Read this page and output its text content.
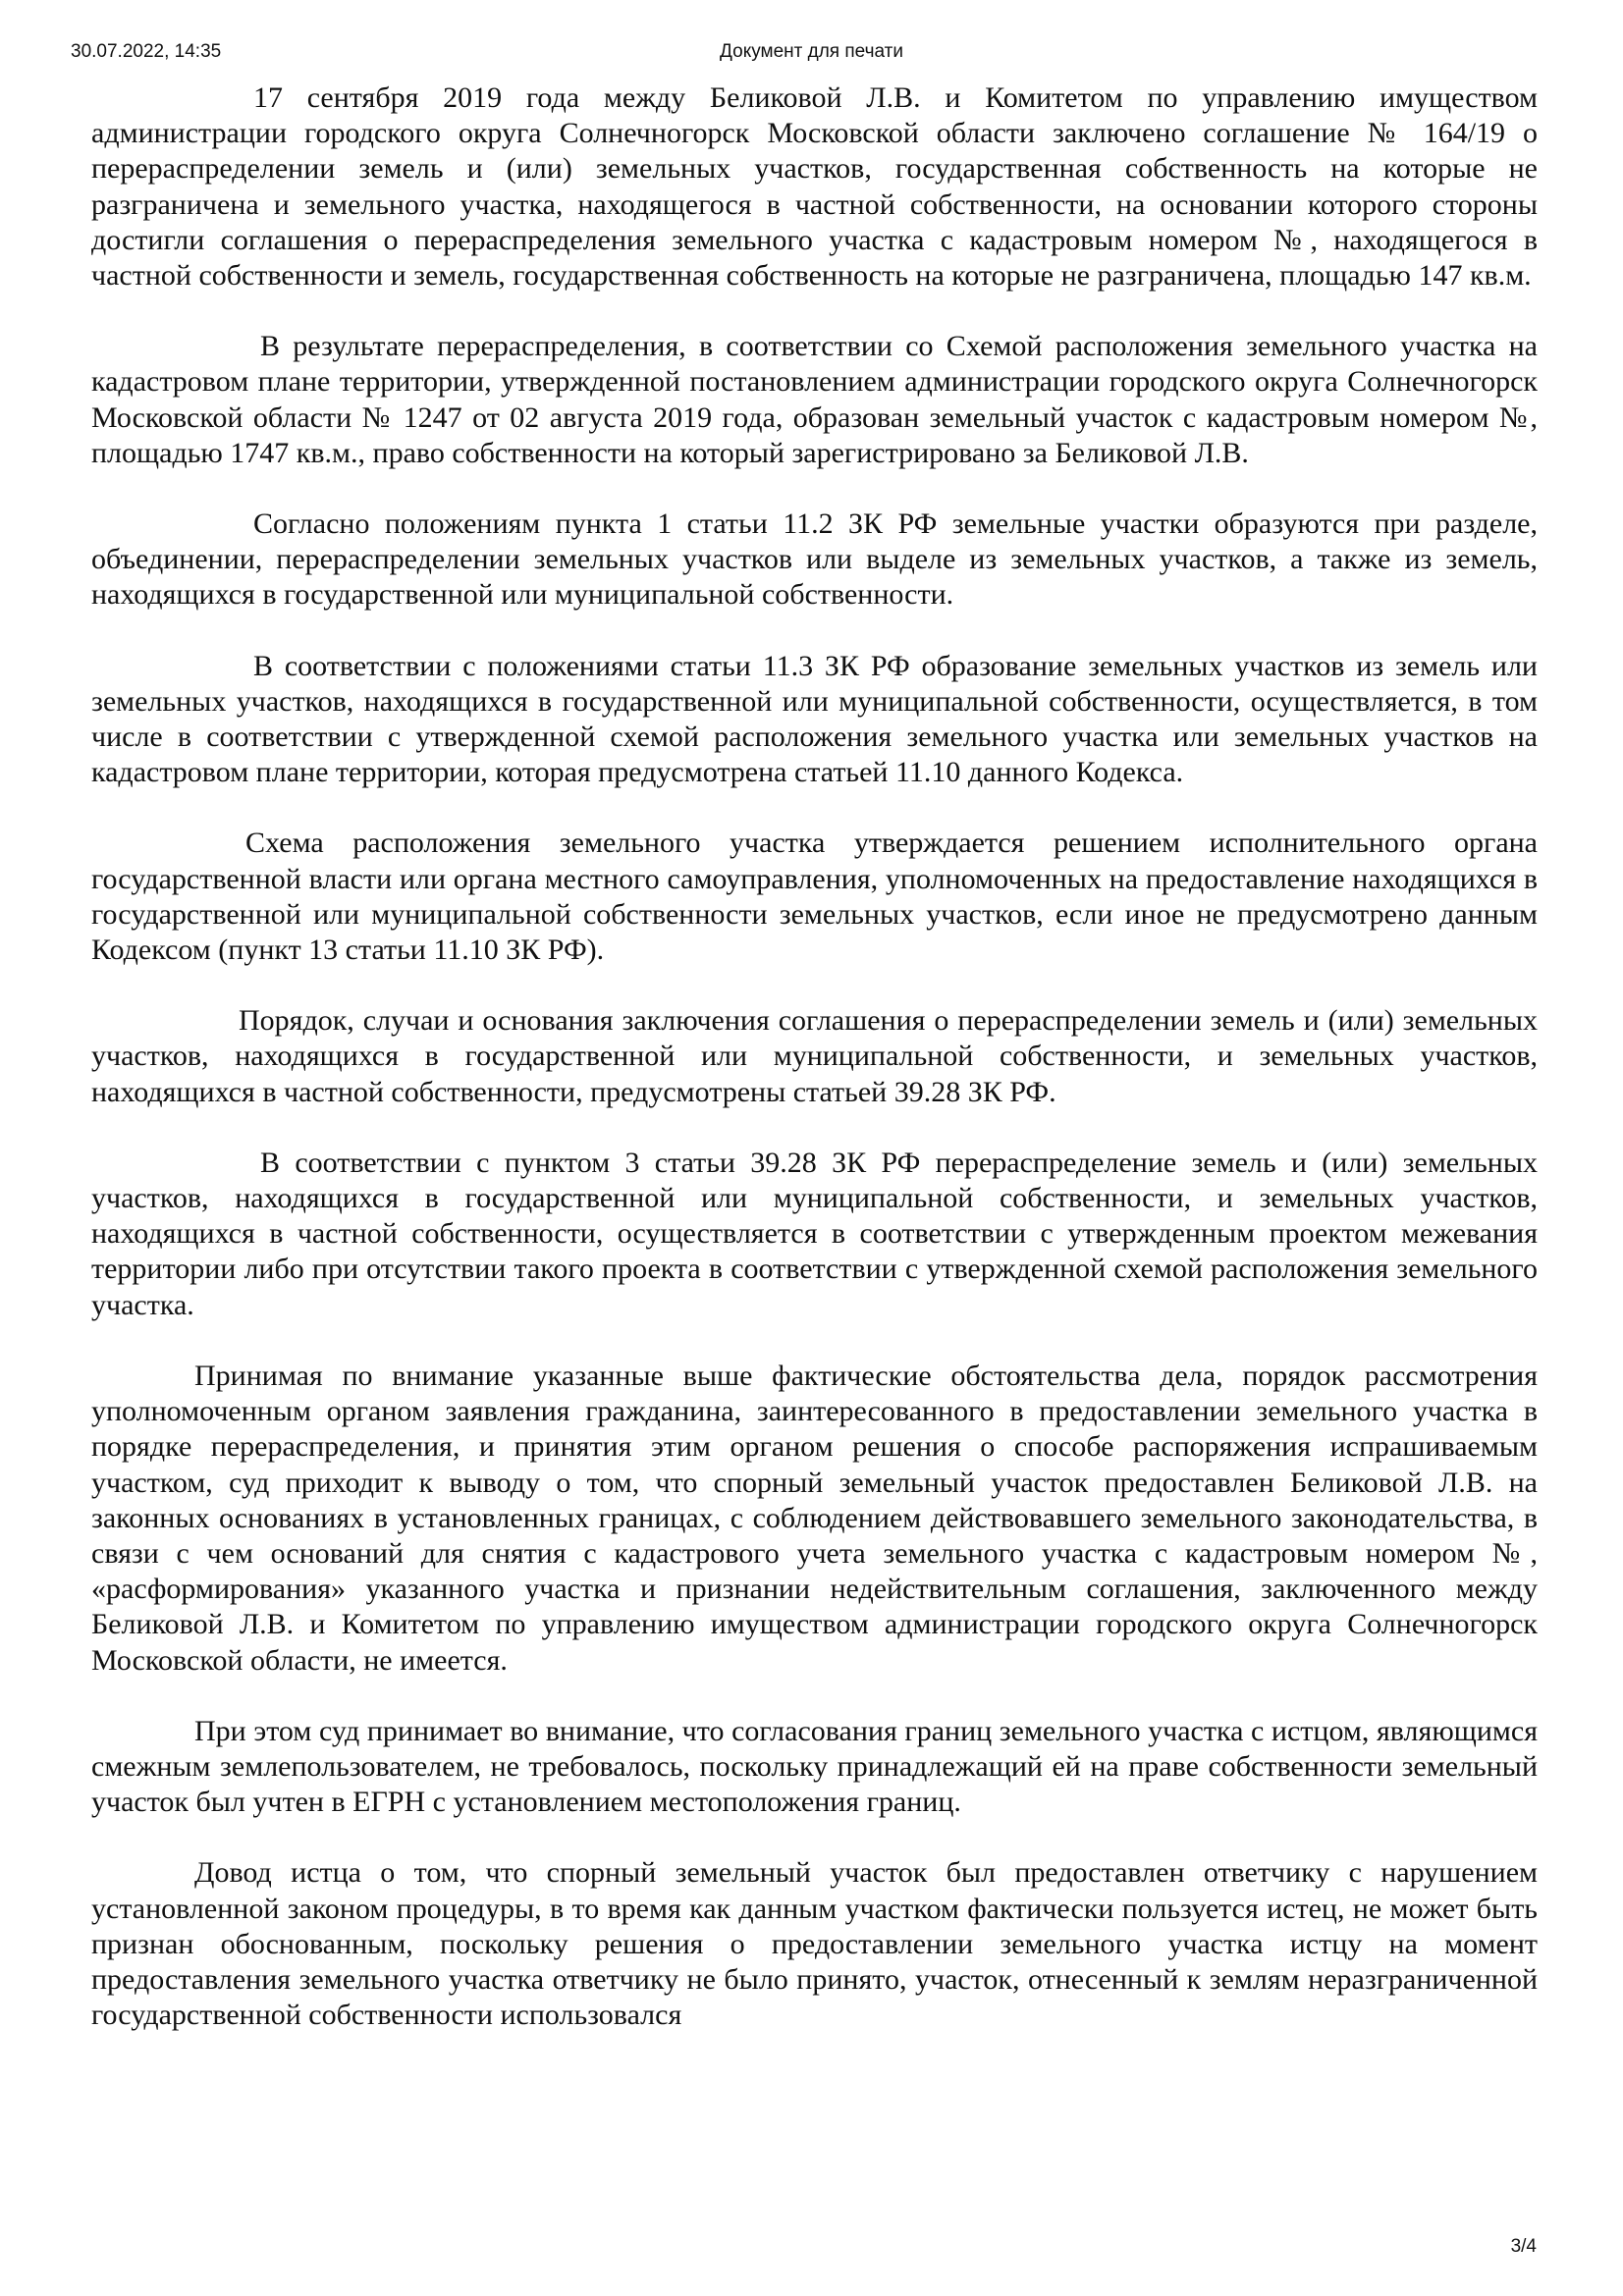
30.07.2022, 14:35	Документ для печати

17 сентября 2019 года между Беликовой Л.В. и Комитетом по управлению имуществом администрации городского округа Солнечногорск Московской области заключено соглашение № 164/19 о перераспределении земель и (или) земельных участков, государственная собственность на которые не разграничена и земельного участка, находящегося в частной собственности, на основании которого стороны достигли соглашения о перераспределения земельного участка с кадастровым номером №, находящегося в частной собственности и земель, государственная собственность на которые не разграничена, площадью 147 кв.м.

В результате перераспределения, в соответствии со Схемой расположения земельного участка на кадастровом плане территории, утвержденной постановлением администрации городского округа Солнечногорск Московской области № 1247 от 02 августа 2019 года, образован земельный участок с кадастровым номером №, площадью 1747 кв.м., право собственности на который зарегистрировано за Беликовой Л.В.

Согласно положениям пункта 1 статьи 11.2 ЗК РФ земельные участки образуются при разделе, объединении, перераспределении земельных участков или выделе из земельных участков, а также из земель, находящихся в государственной или муниципальной собственности.

В соответствии с положениями статьи 11.3 ЗК РФ образование земельных участков из земель или земельных участков, находящихся в государственной или муниципальной собственности, осуществляется, в том числе в соответствии с утвержденной схемой расположения земельного участка или земельных участков на кадастровом плане территории, которая предусмотрена статьей 11.10 данного Кодекса.

Схема расположения земельного участка утверждается решением исполнительного органа государственной власти или органа местного самоуправления, уполномоченных на предоставление находящихся в государственной или муниципальной собственности земельных участков, если иное не предусмотрено данным Кодексом (пункт 13 статьи 11.10 ЗК РФ).

Порядок, случаи и основания заключения соглашения о перераспределении земель и (или) земельных участков, находящихся в государственной или муниципальной собственности, и земельных участков, находящихся в частной собственности, предусмотрены статьей 39.28 ЗК РФ.

В соответствии с пунктом 3 статьи 39.28 ЗК РФ перераспределение земель и (или) земельных участков, находящихся в государственной или муниципальной собственности, и земельных участков, находящихся в частной собственности, осуществляется в соответствии с утвержденным проектом межевания территории либо при отсутствии такого проекта в соответствии с утвержденной схемой расположения земельного участка.

Принимая по внимание указанные выше фактические обстоятельства дела, порядок рассмотрения уполномоченным органом заявления гражданина, заинтересованного в предоставлении земельного участка в порядке перераспределения, и принятия этим органом решения о способе распоряжения испрашиваемым участком, суд приходит к выводу о том, что спорный земельный участок предоставлен Беликовой Л.В. на законных основаниях в установленных границах, с соблюдением действовавшего земельного законодательства, в связи с чем оснований для снятия с кадастрового учета земельного участка с кадастровым номером №, «расформирования» указанного участка и признании недействительным соглашения, заключенного между Беликовой Л.В. и Комитетом по управлению имуществом администрации городского округа Солнечногорск Московской области, не имеется.

При этом суд принимает во внимание, что согласования границ земельного участка с истцом, являющимся смежным землепользователем, не требовалось, поскольку принадлежащий ей на праве собственности земельный участок был учтен в ЕГРН с установлением местоположения границ.

Довод истца о том, что спорный земельный участок был предоставлен ответчику с нарушением установленной законом процедуры, в то время как данным участком фактически пользуется истец, не может быть признан обоснованным, поскольку решения о предоставлении земельного участка истцу на момент предоставления земельного участка ответчику не было принято, участок, отнесенный к землям неразграниченной государственной собственности использовался

3/4
